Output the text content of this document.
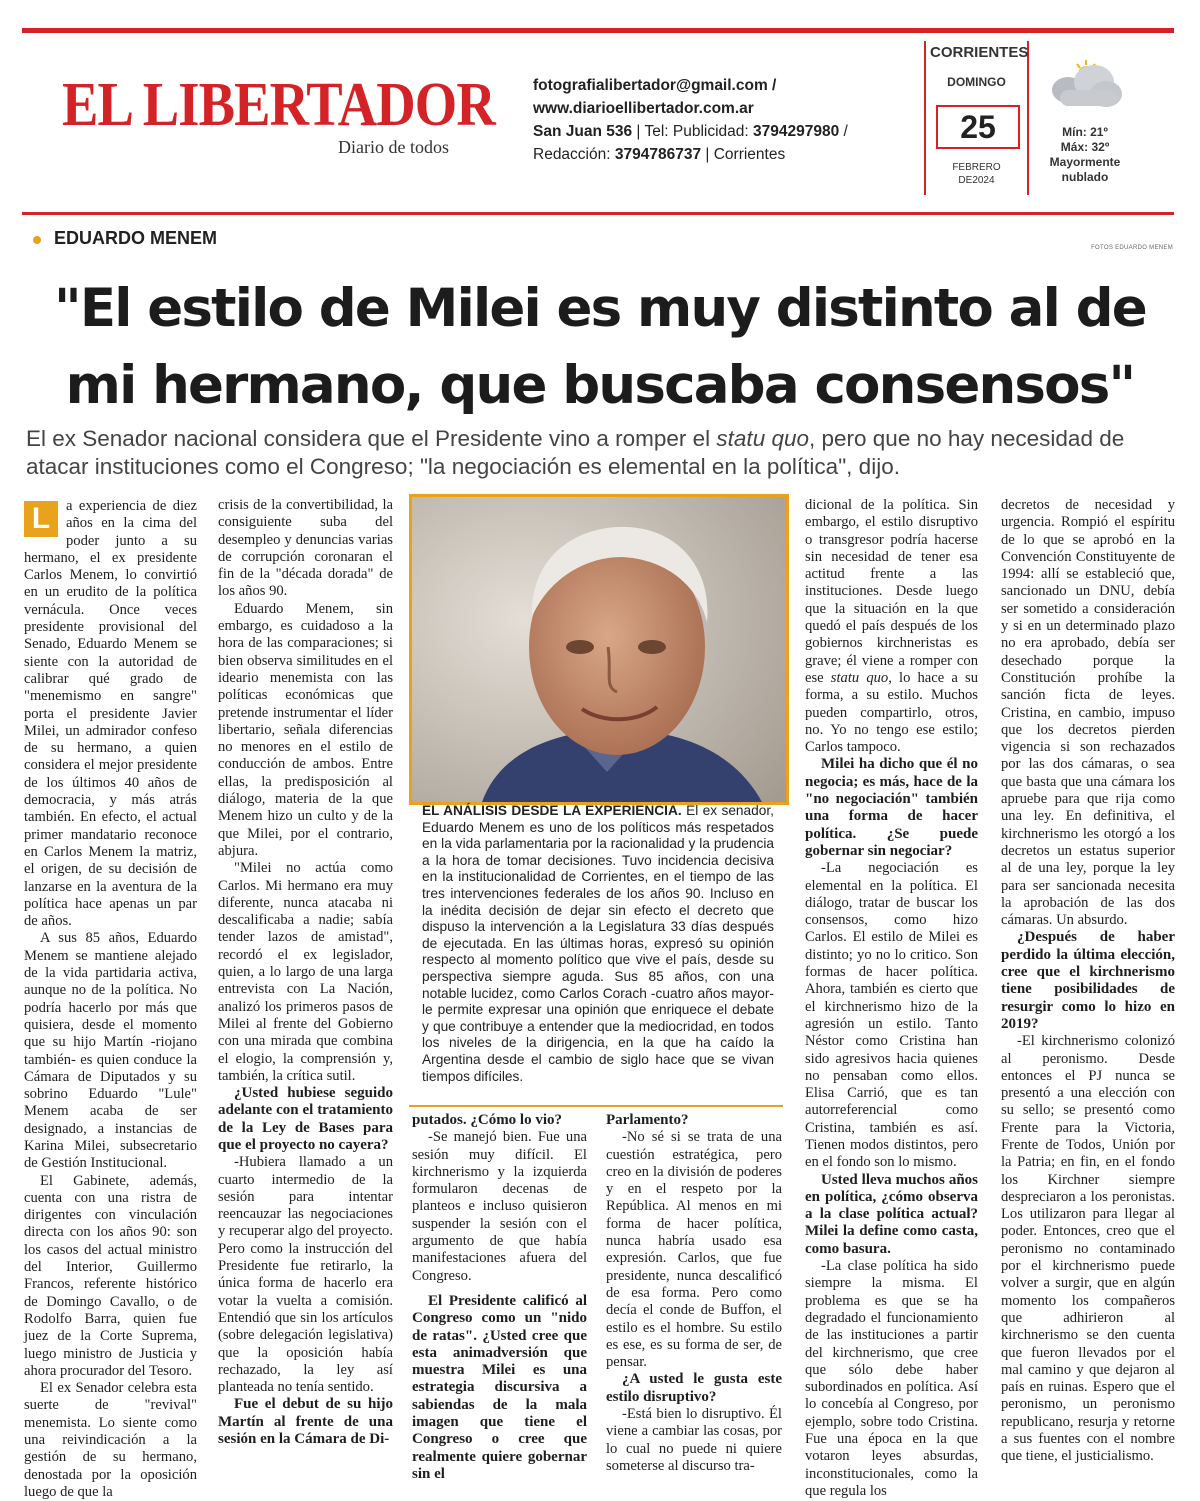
EL LIBERTADOR
Diario de todos
fotografialibertador@gmail.com /
www.diarioellibertador.com.ar
San Juan 536 | Tel: Publicidad: 3794297980 /
Redacción: 3794786737 | Corrientes
CORRIENTES
DOMINGO
25
FEBRERO
DE2024
Mín: 21º
Máx: 32º
Mayormente nublado
EDUARDO MENEM	FOTOS EDUARDO MENEM
"El estilo de Milei es muy distinto al de
mi hermano, que buscaba consensos"
El ex Senador nacional considera que el Presidente vino a romper el statu quo, pero que no hay necesidad de atacar instituciones como el Congreso; "la negociación es elemental en la política", dijo.

L	a experiencia de diez años en la cima del poder junto a su hermano, el ex presidente Carlos Menem, lo convirtió en un erudito de la política vernácula. Once veces presidente provisional del Senado, Eduardo Menem se siente con la autoridad de calibrar qué grado de "menemismo en sangre" porta el presidente Javier Milei, un admirador confeso de su hermano, a quien considera el mejor presidente de los últimos 40 años de democracia, y más atrás también. En efecto, el actual primer mandatario reconoce en Carlos Menem la matriz, el origen, de su decisión de lanzarse en la aventura de la política hace apenas un par de años.

A sus 85 años, Eduardo Menem se mantiene alejado de la vida partidaria activa, aunque no de la política. No podría hacerlo por más que quisiera, desde el momento que su hijo Martín -riojano también- es quien conduce la Cámara de Diputados y su sobrino Eduardo "Lule" Menem acaba de ser designado, a instancias de Karina Milei, subsecretario de Gestión Institucional.

El Gabinete, además, cuenta con una ristra de dirigentes con vinculación directa con los años 90: son los casos del actual ministro del Interior, Guillermo Francos, referente histórico de Domingo Cavallo, o de Rodolfo Barra, quien fue juez de la Corte Suprema, luego ministro de Justicia y ahora procurador del Tesoro.

El ex Senador celebra esta suerte de "revival" menemista. Lo siente como una reivindicación a la gestión de su hermano, denostada por la oposición luego de que la

crisis de la convertibilidad, la consiguiente suba del desempleo y denuncias varias de corrupción coronaran el fin de la "década dorada" de los años 90.

Eduardo Menem, sin embargo, es cuidadoso a la hora de las comparaciones; si bien observa similitudes en el ideario menemista con las políticas económicas que pretende instrumentar el líder libertario, señala diferencias no menores en el estilo de conducción de ambos. Entre ellas, la predisposición al diálogo, materia de la que Menem hizo un culto y de la que Milei, por el contrario, abjura.

"Milei no actúa como Carlos. Mi hermano era muy diferente, nunca atacaba ni descalificaba a nadie; sabía tender lazos de amistad", recordó el ex legislador, quien, a lo largo de una larga entrevista con La Nación, analizó los primeros pasos de Milei al frente del Gobierno con una mirada que combina el elogio, la comprensión y, también, la crítica sutil.

¿Usted hubiese seguido adelante con el tratamiento de la Ley de Bases para que el proyecto no cayera?

-Hubiera llamado a un cuarto intermedio de la sesión para intentar reencauzar las negociaciones y recuperar algo del proyecto. Pero como la instrucción del Presidente fue retirarlo, la única forma de hacerlo era votar la vuelta a comisión. Entendió que sin los artículos (sobre delegación legislativa) que la oposición había rechazado, la ley así planteada no tenía sentido.

Fue el debut de su hijo Martín al frente de una sesión en la Cámara de Di-

EL ANÁLISIS DESDE LA EXPERIENCIA. El ex senador, Eduardo Menem es uno de los políticos más respetados en la vida parlamentaria por la racionalidad y la prudencia a la hora de tomar decisiones. Tuvo incidencia decisiva en la institucionalidad de Corrientes, en el tiempo de las tres intervenciones federales de los años 90. Incluso en la inédita decisión de dejar sin efecto el decreto que dispuso la intervención a la Legislatura 33 días después de ejecutada. En las últimas horas, expresó su opinión respecto al momento político que vive el país, desde su perspectiva siempre aguda. Sus 85 años, con una notable lucidez, como Carlos Corach -cuatro años mayor- le permite expresar una opinión que enriquece el debate y que contribuye a entender que la mediocridad, en todos los niveles de la dirigencia, en la que ha caído la Argentina desde el cambio de siglo hace que se vivan tiempos difíciles.

putados. ¿Cómo lo vio?

-Se manejó bien. Fue una sesión muy difícil. El kirchnerismo y la izquierda formularon decenas de planteos e incluso quisieron suspender la sesión con el argumento de que había manifestaciones afuera del Congreso.

El Presidente calificó al Congreso como un "nido de ratas". ¿Usted cree que esta animadversión que muestra Milei es una estrategia discursiva a sabiendas de la mala imagen que tiene el Congreso o cree que realmente quiere gobernar sin el

Parlamento?

-No sé si se trata de una cuestión estratégica, pero creo en la división de poderes y en el respeto por la República. Al menos en mi forma de hacer política, nunca habría usado esa expresión. Carlos, que fue presidente, nunca descalificó de esa forma. Pero como decía el conde de Buffon, el estilo es el hombre. Su estilo es ese, es su forma de ser, de pensar.

¿A usted le gusta este estilo disruptivo?

-Está bien lo disruptivo. Él viene a cambiar las cosas, por lo cual no puede ni quiere someterse al discurso tra-

dicional de la política. Sin embargo, el estilo disruptivo o transgresor podría hacerse sin necesidad de tener esa actitud frente a las instituciones. Desde luego que la situación en la que quedó el país después de los gobiernos kirchneristas es grave; él viene a romper con ese statu quo, lo hace a su forma, a su estilo. Muchos pueden compartirlo, otros, no. Yo no tengo ese estilo; Carlos tampoco.

Milei ha dicho que él no negocia; es más, hace de la "no negociación" también una forma de hacer política. ¿Se puede gobernar sin negociar?

-La negociación es elemental en la política. El diálogo, tratar de buscar los consensos, como hizo Carlos. El estilo de Milei es distinto; yo no lo critico. Son formas de hacer política. Ahora, también es cierto que el kirchnerismo hizo de la agresión un estilo. Tanto Néstor como Cristina han sido agresivos hacia quienes no pensaban como ellos. Elisa Carrió, que es tan autorreferencial como Cristina, también es así. Tienen modos distintos, pero en el fondo son lo mismo.

Usted lleva muchos años en política, ¿cómo observa a la clase política actual? Milei la define como casta, como basura.

-La clase política ha sido siempre la misma. El problema es que se ha degradado el funcionamiento de las instituciones a partir del kirchnerismo, que cree que sólo debe haber subordinados en política. Así lo concebía al Congreso, por ejemplo, sobre todo Cristina. Fue una época en la que votaron leyes absurdas, inconstitucionales, como la que regula los

decretos de necesidad y urgencia. Rompió el espíritu de lo que se aprobó en la Convención Constituyente de 1994: allí se estableció que, sancionado un DNU, debía ser sometido a consideración y si en un determinado plazo no era aprobado, debía ser desechado porque la Constitución prohíbe la sanción ficta de leyes. Cristina, en cambio, impuso que los decretos pierden vigencia si son rechazados por las dos cámaras, o sea que basta que una cámara los apruebe para que rija como una ley. En definitiva, el kirchnerismo les otorgó a los decretos un estatus superior al de una ley, porque la ley para ser sancionada necesita la aprobación de las dos cámaras. Un absurdo.

¿Después de haber perdido la última elección, cree que el kirchnerismo tiene posibilidades de resurgir como lo hizo en 2019?

-El kirchnerismo colonizó al peronismo. Desde entonces el PJ nunca se presentó a una elección con su sello; se presentó como Frente para la Victoria, Frente de Todos, Unión por la Patria; en fin, en el fondo los Kirchner siempre despreciaron a los peronistas. Los utilizaron para llegar al poder. Entonces, creo que el peronismo no contaminado por el kirchnerismo puede volver a surgir, que en algún momento los compañeros que adhirieron al kirchnerismo se den cuenta que fueron llevados por el mal camino y que dejaron al país en ruinas. Espero que el peronismo, un peronismo republicano, resurja y retorne a sus fuentes con el nombre que tiene, el justicialismo.
